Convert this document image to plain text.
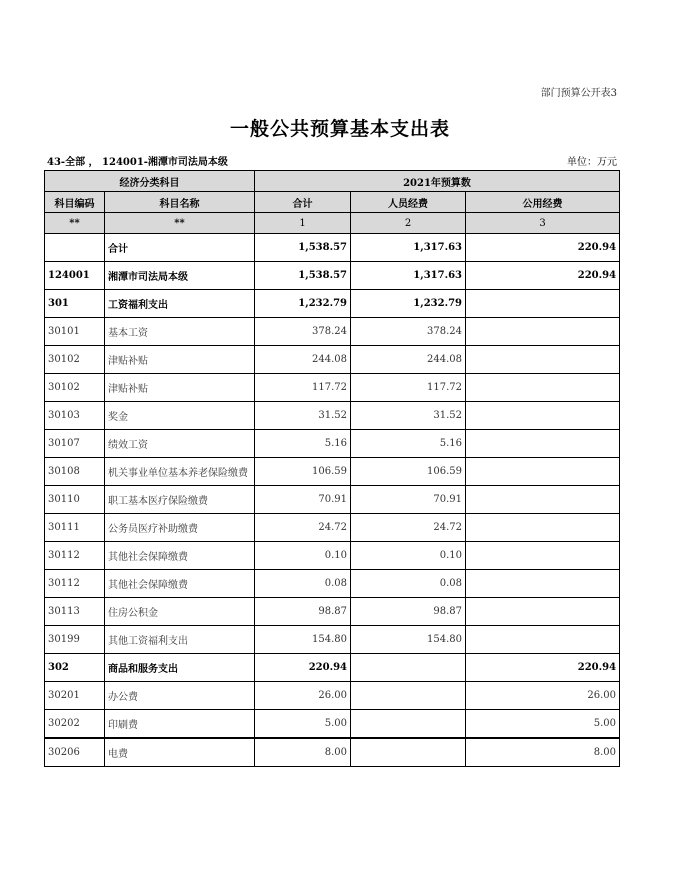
部门预算公开表3
一般公共预算基本支出表
43-全部 ， 124001-湘潭市司法局本级	单位：万元
经济分类科目		2021年预算数		
科目编码	科目名称	合计	人员经费	公用经费
**	**	1	2	3
	合计	1,538.57	1,317.63	220.94
124001	湘潭市司法局本级	1,538.57	1,317.63	220.94
301	工资福利支出	1,232.79	1,232.79	
30101	基本工资	378.24	378.24	
30102	津贴补贴	244.08	244.08	
30102	津贴补贴	117.72	117.72	
30103	奖金	31.52	31.52	
30107	绩效工资	5.16	5.16	
30108	机关事业单位基本养老保险缴费	106.59	106.59	
30110	职工基本医疗保险缴费	70.91	70.91	
30111	公务员医疗补助缴费	24.72	24.72	
30112	其他社会保障缴费	0.10	0.10	
30112	其他社会保障缴费	0.08	0.08	
30113	住房公积金	98.87	98.87	
30199	其他工资福利支出	154.80	154.80	
302	商品和服务支出	220.94		220.94
30201	办公费	26.00		26.00
30202	印刷费	5.00		5.00
30206	电费	8.00		8.00
